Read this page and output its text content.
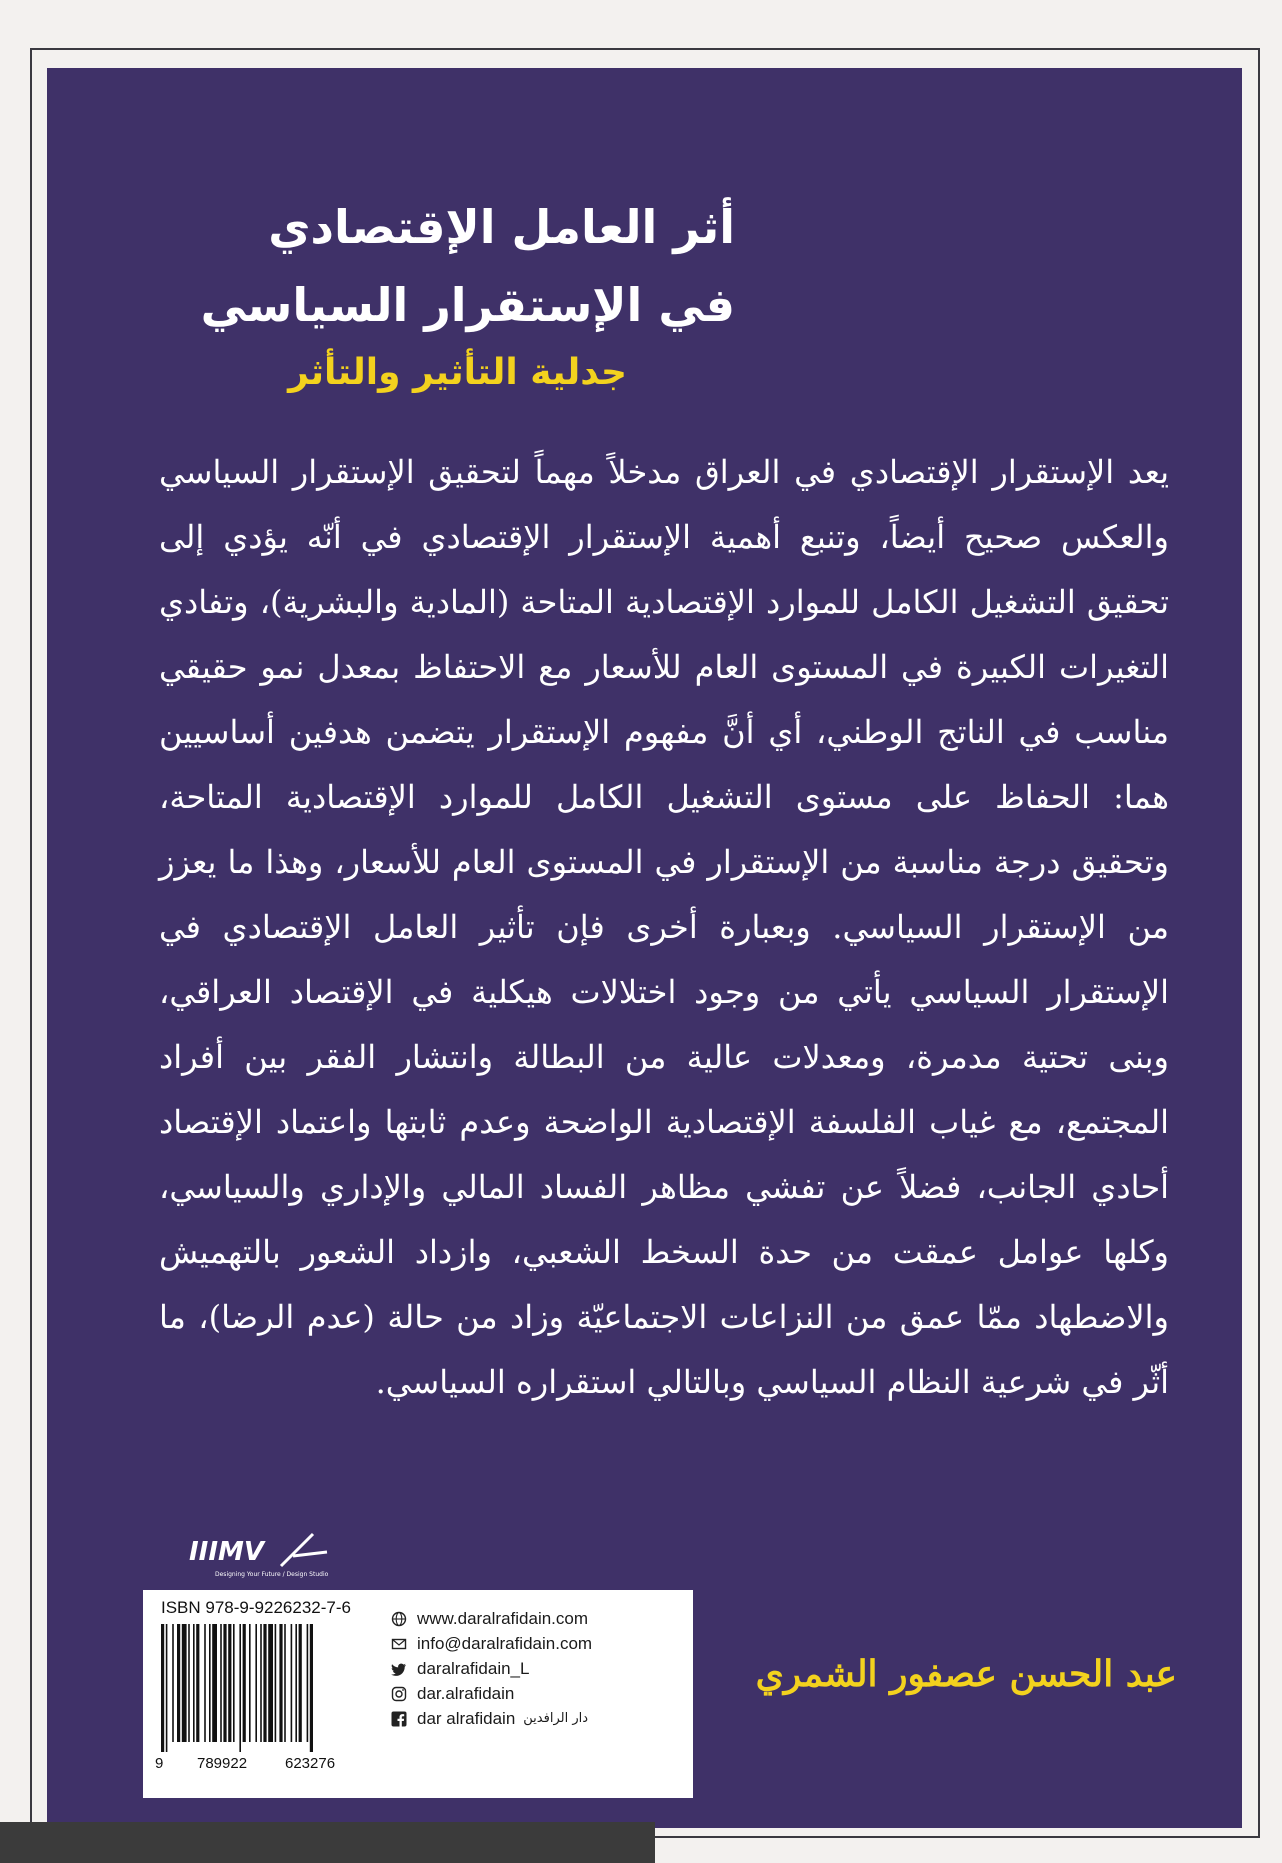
أثر العامل الإقتصادي
في الإستقرار السياسي
جدلية التأثير والتأثر

يعد الإستقرار الإقتصادي في العراق مدخلاً مهماً لتحقيق الإستقرار السياسي والعكس صحيح أيضاً، وتنبع أهمية الإستقرار الإقتصادي في أنّه يؤدي إلى تحقيق التشغيل الكامل للموارد الإقتصادية المتاحة (المادية والبشرية)، وتفادي التغيرات الكبيرة في المستوى العام للأسعار مع الاحتفاظ بمعدل نمو حقيقي مناسب في الناتج الوطني، أي أنَّ مفهوم الإستقرار يتضمن هدفين أساسيين هما: الحفاظ على مستوى التشغيل الكامل للموارد الإقتصادية المتاحة، وتحقيق درجة مناسبة من الإستقرار في المستوى العام للأسعار، وهذا ما يعزز من الإستقرار السياسي. وبعبارة أخرى فإن تأثير العامل الإقتصادي في الإستقرار السياسي يأتي من وجود اختلالات هيكلية في الإقتصاد العراقي، وبنى تحتية مدمرة، ومعدلات عالية من البطالة وانتشار الفقر بين أفراد المجتمع، مع غياب الفلسفة الإقتصادية الواضحة وعدم ثابتها واعتماد الإقتصاد أحادي الجانب، فضلاً عن تفشي مظاهر الفساد المالي والإداري والسياسي، وكلها عوامل عمقت من حدة السخط الشعبي، وازداد الشعور بالتهميش والاضطهاد ممّا عمق من النزاعات الاجتماعيّة وزاد من حالة (عدم الرضا)، ما أثّر في شرعية النظام السياسي وبالتالي استقراره السياسي.

IIIMV
Designing Your Future / Design Studio

ISBN 978-9-9226232-7-6

9 789922	623276
www.daralrafidain.com
info@daralrafidain.com
daralrafidain_L
dar.alrafidain
dar alrafidain دار الرافدين

عبد الحسن عصفور الشمري
